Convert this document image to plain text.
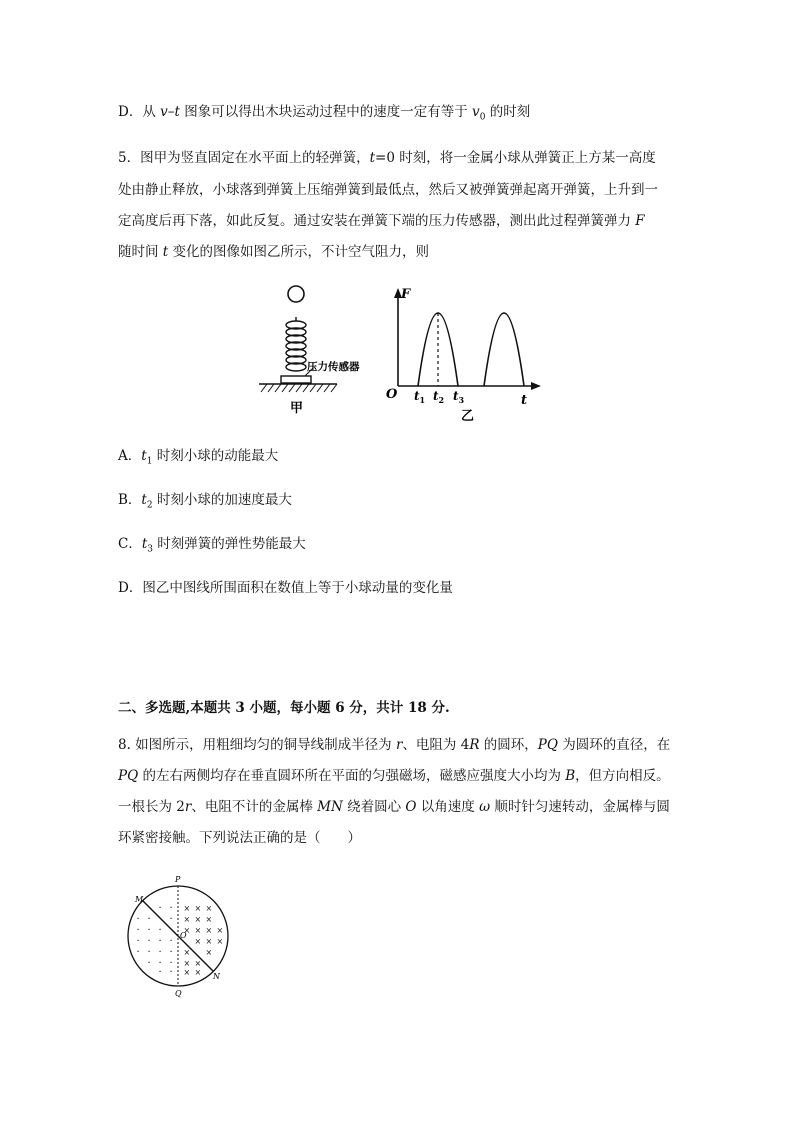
D．从 v–t 图象可以得出木块运动过程中的速度一定有等于 $v_0$ 的时刻
5．图甲为竖直固定在水平面上的轻弹簧，t=0 时刻，将一金属小球从弹簧正上方某一高度
处由静止释放，小球落到弹簧上压缩弹簧到最低点，然后又被弹簧弹起离开弹簧，上升到一
定高度后再下落，如此反复。通过安装在弹簧下端的压力传感器，测出此过程弹簧弹力 F
随时间 t 变化的图像如图乙所示，不计空气阻力，则
压力传感器
甲
F
t
O $t_1$ $t_2$ $t_3$
乙
A．$t_1$ 时刻小球的动能最大
B．$t_2$ 时刻小球的加速度最大
C．$t_3$ 时刻弹簧的弹性势能最大
D．图乙中图线所围面积在数值上等于小球动量的变化量
二、多选题,本题共 3 小题，每小题 6 分，共计 18 分.
8. 如图所示，用粗细均匀的铜导线制成半径为 r、电阻为 4R 的圆环，PQ 为圆环的直径，在
PQ 的左右两侧均存在垂直圆环所在平面的匀强磁场，磁感应强度大小均为 B，但方向相反。
一根长为 2r、电阻不计的金属棒 MN 绕着圆心 O 以角速度 ω 顺时针匀速转动，金属棒与圆
环紧密接触。下列说法正确的是（　　）
· ·
· · ·
· · ·
· · · ·
· · · ·
· · ·
· ·
× × ×
× × ×
× × × ×
× × ×
× ×
× ×
× ×
M
P
O
N
Q
